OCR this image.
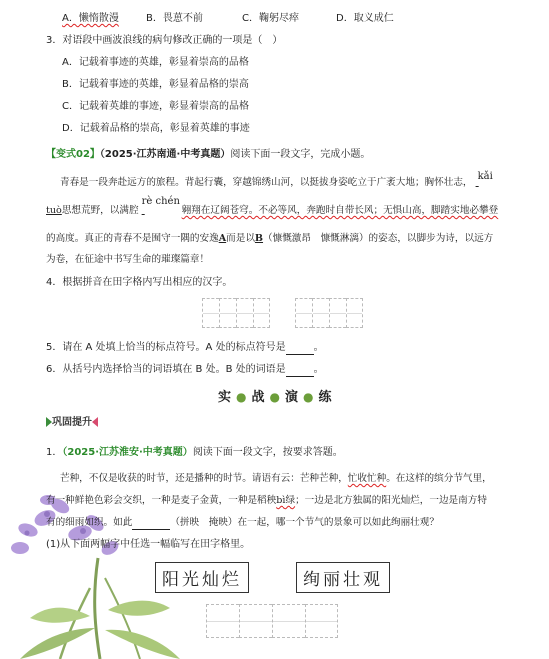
A．懒惰散漫	B．畏葸不前	C．鞠躬尽瘁	D．取义成仁
3．对语段中画波浪线的病句修改正确的一项是（　）
A．记载着事迹的英雄，彰显着崇高的品格
B．记载着事迹的英雄，彰显着品格的崇高
C．记载着英雄的事迹，彰显着崇高的品格
D．记载着品格的崇高，彰显着英雄的事迹
【变式02】（2025·江苏南通·中考真题）阅读下面一段文字，完成小题。
青春是一段奔赴远方的旅程。背起行囊，穿越锦绣山河，以挺拔身姿屹立于广袤大地；胸怀壮志，
kǎi

tuò思想荒野，以满腔
rè chén
翱翔在辽阔苍穹。不必等风，奔跑时自带长风；无惧山高，脚踏实地必攀登
的高度。真正的青春不是囿守一隅的安逸A而是以B（慷慨激昂　慷慨淋漓）的姿态，以脚步为诗，以远方
为卷，在征途中书写生命的璀璨篇章！
4．根据拼音在田字格内写出相应的汉字。
5．请在 A 处填上恰当的标点符号。A 处的标点符号是	。
6．从括号内选择恰当的词语填在 B 处。B 处的词语是	。
实 ● 战 ● 演 ● 练
巩固提升
1．（2025·江苏淮安·中考真题）阅读下面一段文字，按要求答题。
芒种，不仅是收获的时节，还是播种的时节。请语有云：芒种芒种，忙收忙种。在这样的缤分节气里，
有一种鲜艳色彩会交织，一种是麦子金黄，一种是稻秧bì绿；一边是北方独属的阳光灿烂，一边是南方特
有的细雨如织。如此	（拼映　掩映）在一起，哪一个节气的景象可以如此绚丽壮观？
(1)从下面两幅字中任选一幅临写在田字格里。
阳光灿烂	绚丽壮观
